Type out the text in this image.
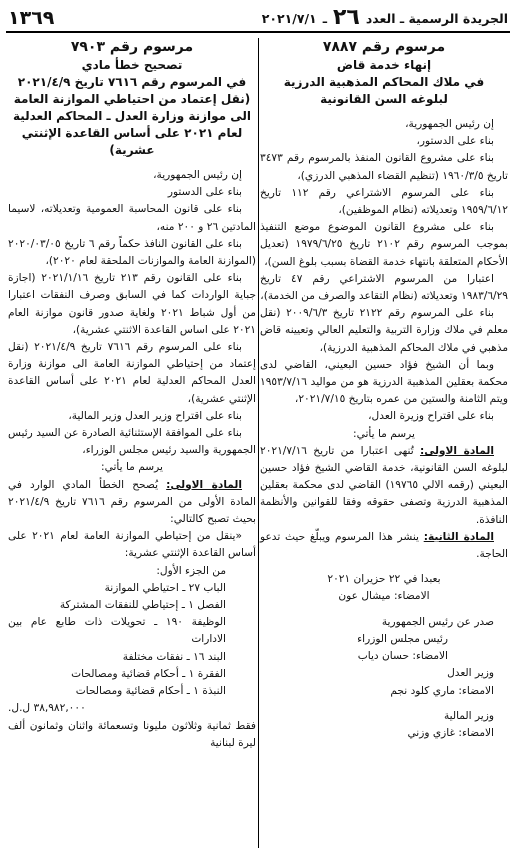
الجريدة الرسمية ـ العدد
٢٦
ـ
٢٠٢١/٧/١
١٣٦٩
مرسوم رقم ٧٨٨٧
إنهاء خدمة قاض
في ملاك المحاكم المذهبية الدرزية
لبلوغه السن القانونية

إن رئيس الجمهورية،

بناء على الدستور،

بناء على مشروع القانون المنفذ بالمرسوم رقم ٣٤٧٣ تاريخ ١٩٦٠/٣/٥ (تنظيم القضاء المذهبي الدرزي)،

بناء على المرسوم الاشتراعي رقم ١١٢ تاريخ ١٩٥٩/٦/١٢ وتعديلاته (نظام الموظفين)،

بناء على مشروع القانون الموضوع موضع التنفيذ بموجب المرسوم رقم ٢١٠٢ تاريخ ١٩٧٩/٦/٢٥ (تعديل الأحكام المتعلقة بانتهاء خدمة القضاة بسبب بلوغ السن)،

اعتبارا من المرسوم الاشتراعي رقم ٤٧ تاريخ ١٩٨٣/٦/٢٩ وتعديلاته (نظام التقاعد والصرف من الخدمة)،

بناء على المرسوم رقم ٢١٢٢ تاريخ ٢٠٠٩/٦/٣ (نقل معلم في ملاك وزارة التربية والتعليم العالي وتعيينه قاض مذهبي في ملاك المحاكم المذهبية الدرزية)،

وبما أن الشيخ فؤاد حسين البعيني، القاضي لدى محكمة بعقلين المذهبية الدرزية هو من مواليد ١٩٥٣/٧/١٦ ويتم الثامنة والستين من عمره بتاريخ ٢٠٢١/٧/١٥،

بناء على اقتراح وزيرة العدل،

يرسم ما يأتي:

المادة الاولى: تُنهى اعتبارا من تاريخ ٢٠٢١/٧/١٦ لبلوغه السن القانونية، خدمة القاضي الشيخ فؤاد حسين البعيني (رقمه الالي ١٩٧٦٥) القاضي لدى محكمة بعقلين المذهبية الدرزية وتصفى حقوقه وفقا للقوانين والأنظمة النافذة.

المادة الثانية: ينشر هذا المرسوم ويبلّغ حيث تدعو الحاجة.

بعبدا في ٢٢ حزيران ٢٠٢١

الامضاء: ميشال عون

صدر عن رئيس الجمهورية

رئيس مجلس الوزراء

الامضاء: حسان دياب

وزير العدل

الامضاء: ماري كلود نجم

وزير المالية

الامضاء: غازي وزني

مرسوم رقم ٧٩٠٣
تصحيح خطأ مادي
في المرسوم رقم ٧٦١٦ تاريخ ٢٠٢١/٤/٩
(نقل إعتماد من احتياطي الموازنة العامة
الى موازنة وزارة العدل ـ المحاكم العدلية
لعام ٢٠٢١ على أساس القاعدة الإثنتي عشرية)

إن رئيس الجمهورية،

بناء على الدستور

بناء على قانون المحاسبة العمومية وتعديلاته، لاسيما المادتين ٢٦ و ٢٠٠ منه،

بناء على القانون النافذ حكماً رقم ٦ تاريخ ٢٠٢٠/٠٣/٠٥ (الموازنة العامة والموازنات الملحقة لعام ٢٠٢٠)،

بناء على القانون رقم ٢١٣ تاريخ ٢٠٢١/١/١٦ (اجازة جباية الواردات كما في السابق وصرف النفقات اعتبارا من أول شباط ٢٠٢١ ولغاية صدور قانون موازنة العام ٢٠٢١ على اساس القاعدة الاثنتي عشرية)،

بناء على المرسوم رقم ٧٦١٦ تاريخ ٢٠٢١/٤/٩ (نقل إعتماد من إحتياطي الموازنة العامة الى موازنة وزارة العدل المحاكم العدلية لعام ٢٠٢١ على أساس القاعدة الإثنتي عشرية)،

بناء على اقتراح وزير العدل وزير المالية،

بناء على الموافقة الإستثنائية الصادرة عن السيد رئيس الجمهورية والسيد رئيس مجلس الوزراء،

يرسم ما يأتي:

المادة الاولى: يُصحح الخطأ المادي الوارد في المادة الأولى من المرسوم رقم ٧٦١٦ تاريخ ٢٠٢١/٤/٩ بحيث تصبح كالتالي:

«ينقل من إحتياطي الموازنة العامة لعام ٢٠٢١ على أساس القاعدة الإثنتي عشرية:

من الجزء الأول:

الباب ٢٧ ـ احتياطي الموازنة

الفصل ١ ـ إحتياطي للنفقات المشتركة

الوظيفة ١٩٠ ـ تحويلات ذات طابع عام بين الادارات

البند ١٦ ـ نفقات مختلفة

الفقرة ١ ـ أحكام قضائية ومصالحات

النبذة ١ ـ أحكام قضائية ومصالحات

٣٨,٩٨٢,٠٠٠ ل.ل.

فقط ثمانية وثلاثون مليونا وتسعمائة واثنان وثمانون ألف ليرة لبنانية
